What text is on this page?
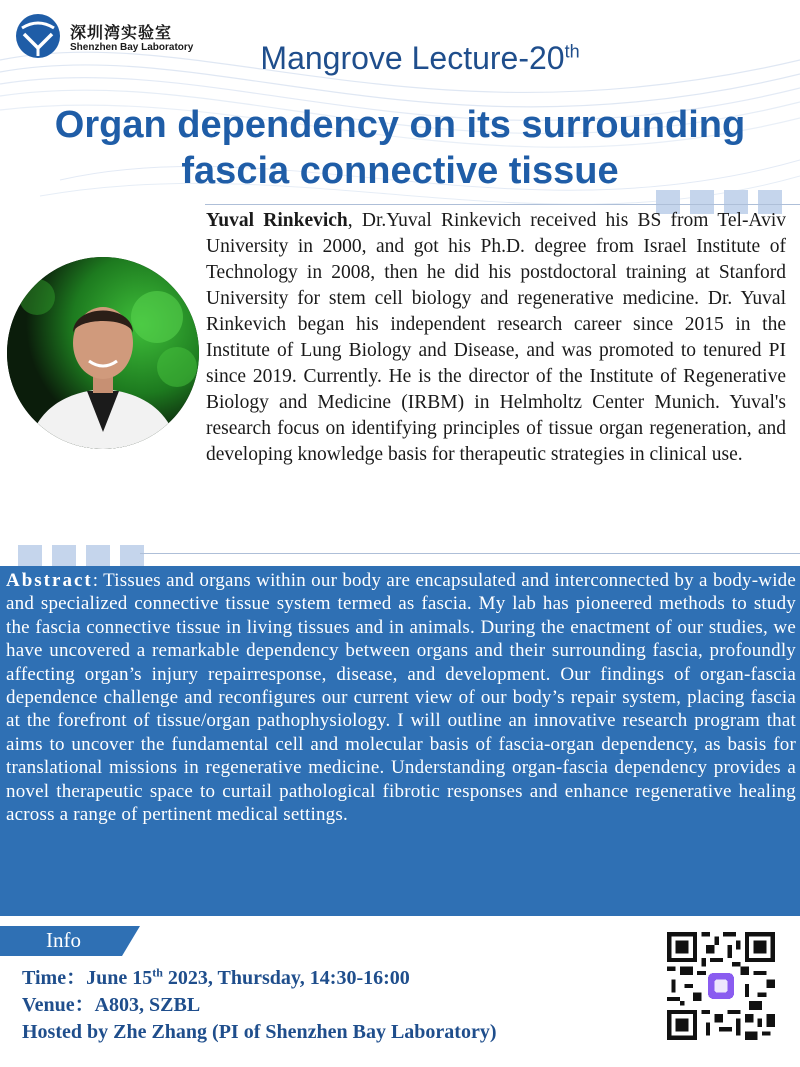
深圳湾实验室
Shenzhen Bay Laboratory	Mangrove Lecture-20th
Organ dependency on its surrounding
fascia connective tissue
Yuval Rinkevich, Dr.Yuval Rinkevich received his BS from Tel-Aviv University in 2000, and got his Ph.D. degree from Israel Institute of Technology in 2008, then he did his postdoctoral training at Stanford University for stem cell biology and regenerative medicine. Dr. Yuval Rinkevich began his independent research career since 2015 in the Institute of Lung Biology and Disease, and was promoted to tenured PI since 2019. Currently. He is the director of the Institute of Regenerative Biology and Medicine (IRBM) in Helmholtz Center Munich. Yuval's research focus on identifying principles of tissue organ regeneration, and developing knowledge basis for therapeutic strategies in clinical use.
Abstract: Tissues and organs within our body are encapsulated and interconnected by a body-wide and specialized connective tissue system termed as fascia. My lab has pioneered methods to study the fascia connective tissue in living tissues and in animals. During the enactment of our studies, we have uncovered a remarkable dependency between organs and their surrounding fascia, profoundly affecting organ’s injury repairresponse, disease, and development. Our findings of organ-fascia dependence challenge and reconfigures our current view of our body’s repair system, placing fascia at the forefront of tissue/organ pathophysiology. I will outline an innovative research program that aims to uncover the fundamental cell and molecular basis of fascia-organ dependency, as basis for translational missions in regenerative medicine. Understanding organ-fascia dependency provides a novel therapeutic space to curtail pathological fibrotic responses and enhance regenerative healing across a range of pertinent medical settings.
Info
Time：June 15th 2023, Thursday, 14:30-16:00
Venue：A803, SZBL
Hosted by Zhe Zhang (PI of Shenzhen Bay Laboratory)
